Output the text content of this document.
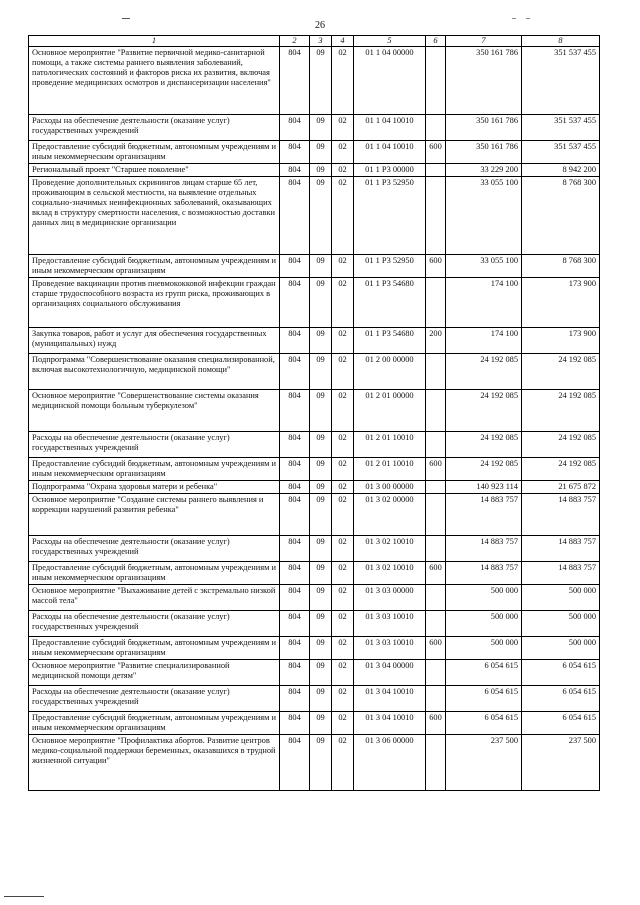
26
1	2	3	4	5	6	7	8
Основное мероприятие "Развитие первичной медико-санитарной помощи, а также системы раннего выявления заболеваний, патологических состояний и факторов риска их развития, включая проведение медицинских осмотров и диспансеризации населения"	804	09	02	01 1 04 00000		350 161 786	351 537 455
Расходы на обеспечение деятельности (оказание услуг) государственных учреждений	804	09	02	01 1 04 10010		350 161 786	351 537 455
Предоставление субсидий бюджетным, автономным учреждениям и иным некоммерческим организациям	804	09	02	01 1 04 10010	600	350 161 786	351 537 455
Региональный проект "Старшее поколение"	804	09	02	01 1 P3 00000		33 229 200	8 942 200
Проведение дополнительных скринингов лицам старше 65 лет, проживающим в сельской местности, на выявление отдельных социально-значимых неинфекционных заболеваний, оказывающих вклад в структуру смертности населения, с возможностью доставки данных лиц в медицинские организации	804	09	02	01 1 P3 52950		33 055 100	8 768 300
Предоставление субсидий бюджетным, автономным учреждениям и иным некоммерческим организациям	804	09	02	01 1 P3 52950	600	33 055 100	8 768 300
Проведение вакцинации против пневмококковой инфекции граждан старше трудоспособного возраста из групп риска, проживающих в организациях социального обслуживания	804	09	02	01 1 P3 54680		174 100	173 900
Закупка товаров, работ и услуг для обеспечения государственных (муниципальных) нужд	804	09	02	01 1 P3 54680	200	174 100	173 900
Подпрограмма "Совершенствование оказания специализированной, включая высокотехнологичную, медицинской помощи"	804	09	02	01 2 00 00000		24 192 085	24 192 085
Основное мероприятие "Совершенствование системы оказания медицинской помощи больным туберкулезом"	804	09	02	01 2 01 00000		24 192 085	24 192 085
Расходы на обеспечение деятельности (оказание услуг) государственных учреждений	804	09	02	01 2 01 10010		24 192 085	24 192 085
Предоставление субсидий бюджетным, автономным учреждениям и иным некоммерческим организациям	804	09	02	01 2 01 10010	600	24 192 085	24 192 085
Подпрограмма "Охрана здоровья матери и ребенка"	804	09	02	01 3 00 00000		140 923 114	21 675 872
Основное мероприятие "Создание системы раннего выявления и коррекции нарушений развития ребенка"	804	09	02	01 3 02 00000		14 883 757	14 883 757
Расходы на обеспечение деятельности (оказание услуг) государственных учреждений	804	09	02	01 3 02 10010		14 883 757	14 883 757
Предоставление субсидий бюджетным, автономным учреждениям и иным некоммерческим организациям	804	09	02	01 3 02 10010	600	14 883 757	14 883 757
Основное мероприятие "Выхаживание детей с экстремально низкой массой тела"	804	09	02	01 3 03 00000		500 000	500 000
Расходы на обеспечение деятельности (оказание услуг) государственных учреждений	804	09	02	01 3 03 10010		500 000	500 000
Предоставление субсидий бюджетным, автономным учреждениям и иным некоммерческим организациям	804	09	02	01 3 03 10010	600	500 000	500 000
Основное мероприятие "Развитие специализированной медицинской помощи детям"	804	09	02	01 3 04 00000		6 054 615	6 054 615
Расходы на обеспечение деятельности (оказание услуг) государственных учреждений	804	09	02	01 3 04 10010		6 054 615	6 054 615
Предоставление субсидий бюджетным, автономным учреждениям и иным некоммерческим организациям	804	09	02	01 3 04 10010	600	6 054 615	6 054 615
Основное мероприятие "Профилактика абортов. Развитие центров медико-социальной поддержки беременных, оказавшихся в трудной жизненной ситуации"	804	09	02	01 3 06 00000		237 500	237 500
